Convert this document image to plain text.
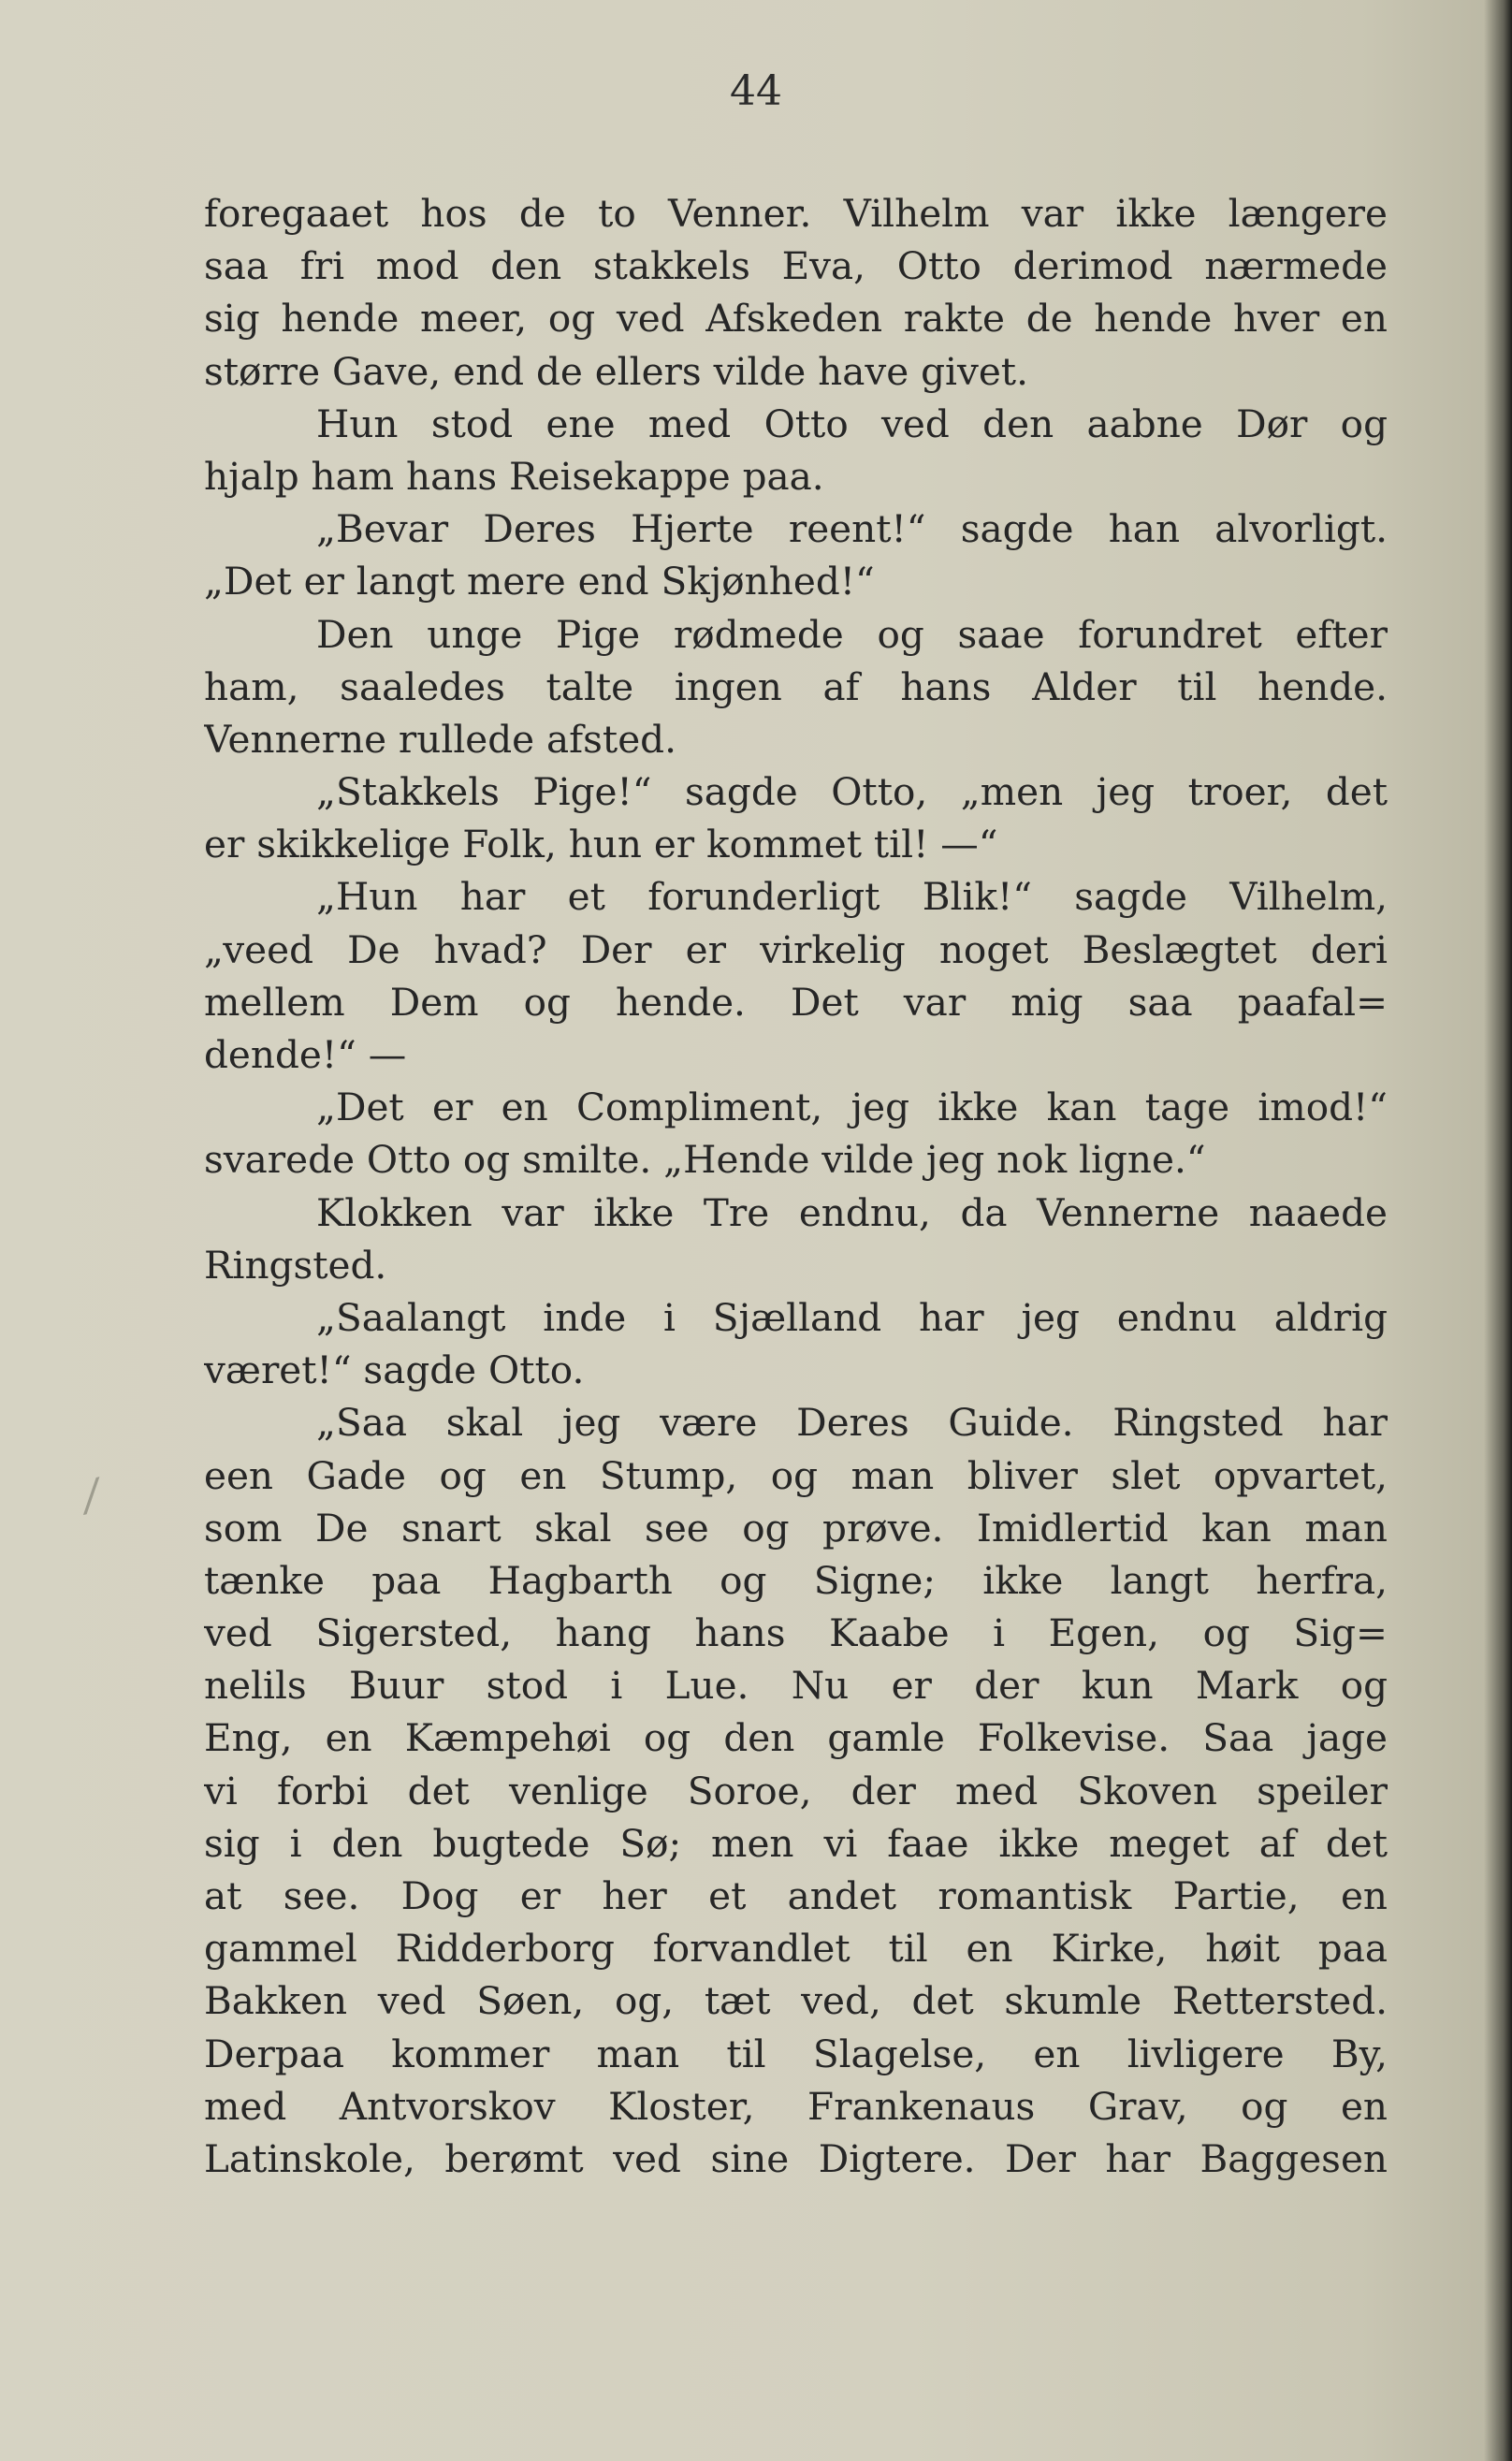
44
⁄
foregaaet hos de to Venner. Vilhelm var ikke længere
saa fri mod den stakkels Eva, Otto derimod nærmede
sig hende meer, og ved Afskeden rakte de hende hver en
større Gave, end de ellers vilde have givet.
Hun stod ene med Otto ved den aabne Dør og
hjalp ham hans Reisekappe paa.
„Bevar Deres Hjerte reent!“ sagde han alvorligt.
„Det er langt mere end Skjønhed!“
Den unge Pige rødmede og saae forundret efter
ham, saaledes talte ingen af hans Alder til hende.
Vennerne rullede afsted.
„Stakkels Pige!“ sagde Otto, „men jeg troer, det
er skikkelige Folk, hun er kommet til! —“
„Hun har et forunderligt Blik!“ sagde Vilhelm,
„veed De hvad? Der er virkelig noget Beslægtet deri
mellem Dem og hende. Det var mig saa paafal=
dende!“ —
„Det er en Compliment, jeg ikke kan tage imod!“
svarede Otto og smilte. „Hende vilde jeg nok ligne.“
Klokken var ikke Tre endnu, da Vennerne naaede
Ringsted.
„Saalangt inde i Sjælland har jeg endnu aldrig
været!“ sagde Otto.
„Saa skal jeg være Deres Guide. Ringsted har
een Gade og en Stump, og man bliver slet opvartet,
som De snart skal see og prøve. Imidlertid kan man
tænke paa Hagbarth og Signe; ikke langt herfra,
ved Sigersted, hang hans Kaabe i Egen, og Sig=
nelils Buur stod i Lue. Nu er der kun Mark og
Eng, en Kæmpehøi og den gamle Folkevise. Saa jage
vi forbi det venlige Soroe, der med Skoven speiler
sig i den bugtede Sø; men vi faae ikke meget af det
at see. Dog er her et andet romantisk Partie, en
gammel Ridderborg forvandlet til en Kirke, høit paa
Bakken ved Søen, og, tæt ved, det skumle Rettersted.
Derpaa kommer man til Slagelse, en livligere By,
med Antvorskov Kloster, Frankenaus Grav, og en
Latinskole, berømt ved sine Digtere. Der har Baggesen
